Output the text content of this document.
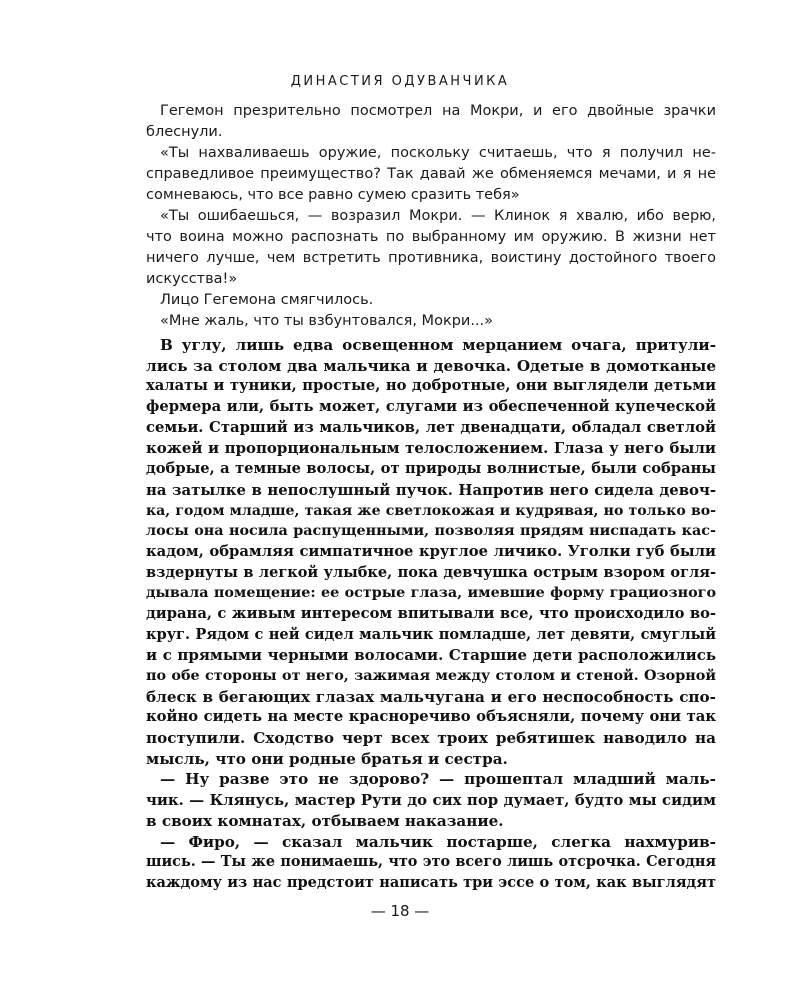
ДИНАСТИЯ ОДУВАНЧИКА
Гегемон презрительно посмотрел на Мокри, и его двойные зрачки
блеснули.
«Ты нахваливаешь оружие, поскольку считаешь, что я получил не-
справедливое преимущество? Так давай же обменяемся мечами, и я не
сомневаюсь, что все равно сумею сразить тебя»
«Ты ошибаешься, — возразил Мокри. — Клинок я хвалю, ибо верю,
что воина можно распознать по выбранному им оружию. В жизни нет
ничего лучше, чем встретить противника, воистину достойного твоего
искусства!»
Лицо Гегемона смягчилось.
«Мне жаль, что ты взбунтовался, Мокри...»
В углу, лишь едва освещенном мерцанием очага, притули-
лись за столом два мальчика и девочка. Одетые в домотканые
халаты и туники, простые, но добротные, они выглядели детьми
фермера или, быть может, слугами из обеспеченной купеческой
семьи. Старший из мальчиков, лет двенадцати, обладал светлой
кожей и пропорциональным телосложением. Глаза у него были
добрые, а темные волосы, от природы волнистые, были собраны
на затылке в непослушный пучок. Напротив него сидела девоч-
ка, годом младше, такая же светлокожая и кудрявая, но только во-
лосы она носила распущенными, позволяя прядям ниспадать кас-
кадом, обрамляя симпатичное круглое личико. Уголки губ были
вздернуты в легкой улыбке, пока девчушка острым взором огля-
дывала помещение: ее острые глаза, имевшие форму грациозного
дирана, с живым интересом впитывали все, что происходило во-
круг. Рядом с ней сидел мальчик помладше, лет девяти, смуглый
и с прямыми черными волосами. Старшие дети расположились
по обе стороны от него, зажимая между столом и стеной. Озорной
блеск в бегающих глазах мальчугана и его неспособность спо-
койно сидеть на месте красноречиво объясняли, почему они так
поступили. Сходство черт всех троих ребятишек наводило на
мысль, что они родные братья и сестра.
— Ну разве это не здорово? — прошептал младший маль-
чик. — Клянусь, мастер Рути до сих пор думает, будто мы сидим
в своих комнатах, отбываем наказание.
— Фиро, — сказал мальчик постарше, слегка нахмурив-
шись. — Ты же понимаешь, что это всего лишь отсрочка. Сегодня
каждому из нас предстоит написать три эссе о том, как выглядят
— 18 —
